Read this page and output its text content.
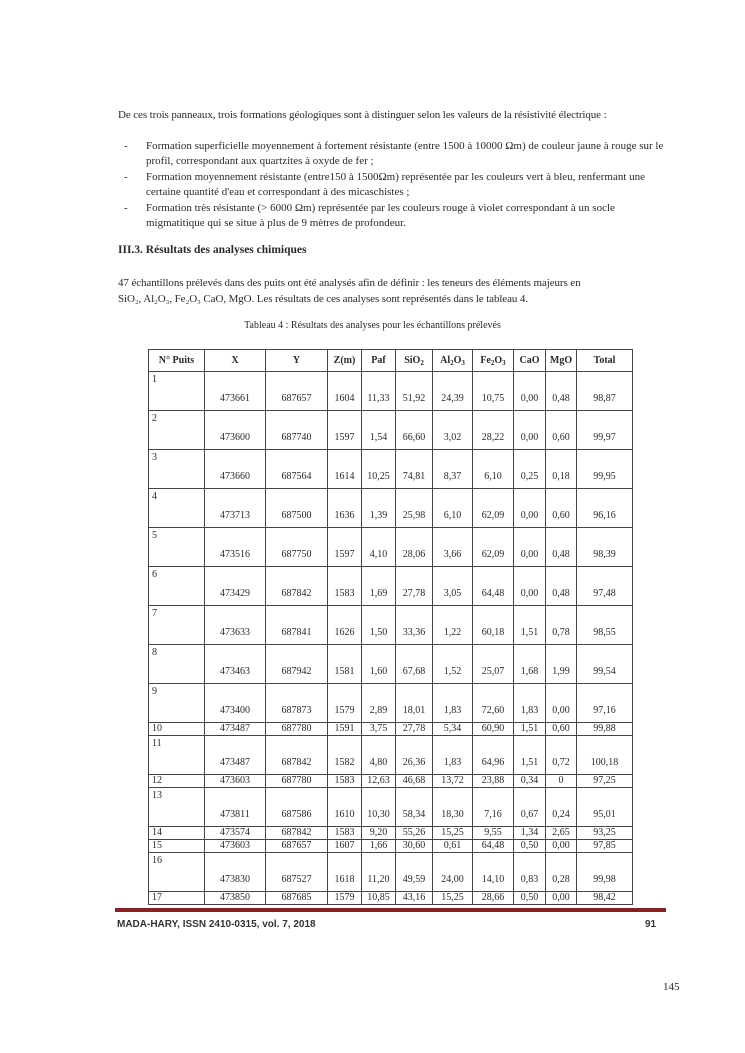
De ces trois panneaux, trois formations géologiques sont à distinguer selon les valeurs de la résistivité électrique :
- Formation superficielle moyennement à fortement résistante (entre 1500 à 10000 Ωm) de couleur jaune à rouge sur le profil, correspondant aux quartzites à oxyde de fer ;
- Formation moyennement résistante (entre150 à 1500Ωm) représentée par les couleurs vert à bleu, renfermant une certaine quantité d'eau et correspondant à des micaschistes ;
- Formation très résistante (> 6000 Ωm) représentée par les couleurs rouge à violet correspondant à un socle migmatitique qui se situe à plus de 9 mètres de profondeur.
III.3. Résultats des analyses chimiques
47 échantillons prélevés dans des puits ont été analysés afin de définir : les teneurs des éléments majeurs en
SiO₂, Al₂O₃, Fe₂O₃ CaO, MgO. Les résultats de ces analyses sont représentés dans le tableau 4.
Tableau 4 : Résultats des analyses pour les échantillons prélevés
N° Puits	X	Y	Z(m)	Paf	SiO$_2$	$Al_2O_3$	$Fe_2O_3$	CaO	MgO	Total
1	473661	687657	1604	11,33	51,92	24,39	10,75	0,00	0,48	98,87
2	473600	687740	1597	1,54	66,60	3,02	28,22	0,00	0,60	99,97
3	473660	687564	1614	10,25	74,81	8,37	6,10	0,25	0,18	99,95
4	473713	687500	1636	1,39	25,98	6,10	62,09	0,00	0,60	96,16
5	473516	687750	1597	4,10	28,06	3,66	62,09	0,00	0,48	98,39
6	473429	687842	1583	1,69	27,78	3,05	64,48	0,00	0,48	97,48
7	473633	687841	1626	1,50	33,36	1,22	60,18	1,51	0,78	98,55
8	473463	687942	1581	1,60	67,68	1,52	25,07	1,68	1,99	99,54
9	473400	687873	1579	2,89	18,01	1,83	72,60	1,83	0,00	97,16
10	473487	687780	1591	3,75	27,78	5,34	60,90	1,51	0,60	99,88
11	473487	687842	1582	4,80	26,36	1,83	64,96	1,51	0,72	100,18
12	473603	687780	1583	12,63	46,68	13,72	23,88	0,34	0	97,25
13	473811	687586	1610	10,30	58,34	18,30	7,16	0,67	0,24	95,01
14	473574	687842	1583	9,20	55,26	15,25	9,55	1,34	2,65	93,25
15	473603	687657	1607	1,66	30,60	0,61	64,48	0,50	0,00	97,85
16	473830	687527	1618	11,20	49,59	24,00	14,10	0,83	0,28	99,98
17	473850	687685	1579	10,85	43,16	15,25	28,66	0,50	0,00	98,42
MADA-HARY, ISSN 2410-0315, vol. 7, 2018	91
145
